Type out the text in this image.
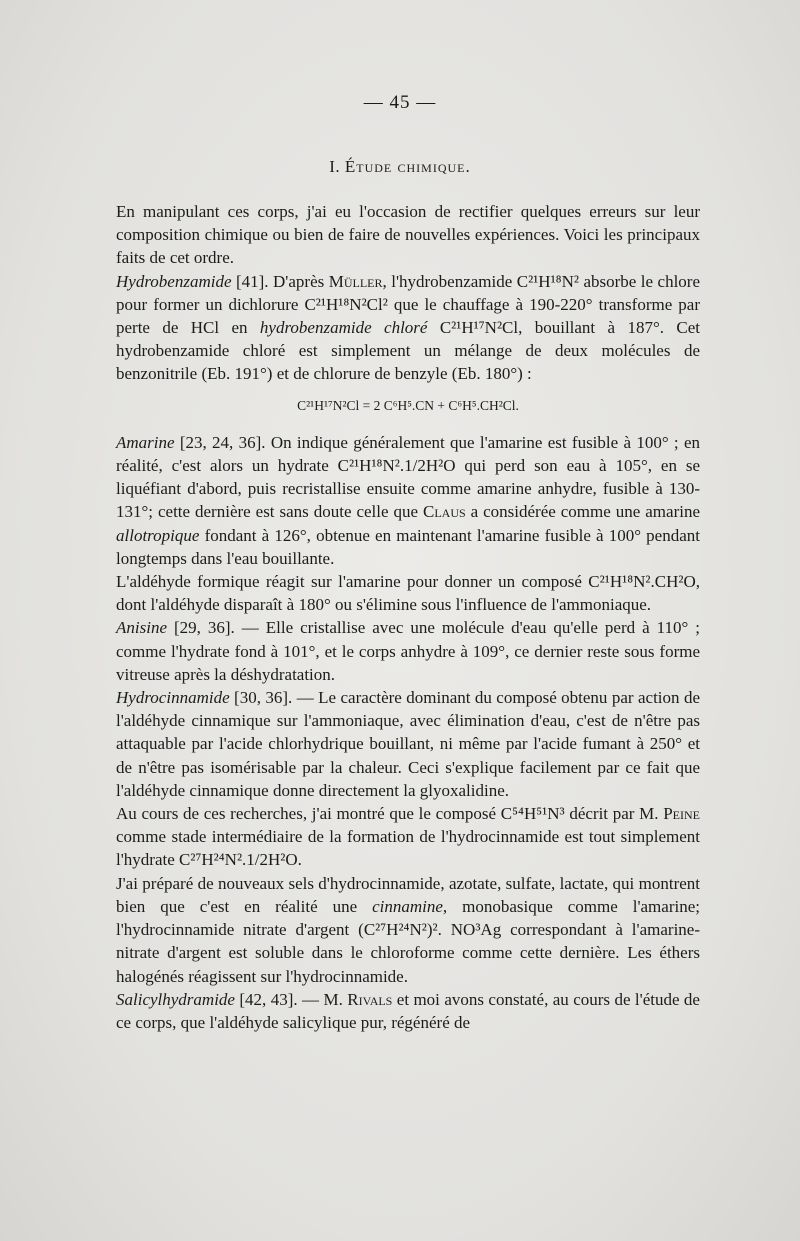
— 45 —
I. Étude chimique.

En manipulant ces corps, j'ai eu l'occasion de rectifier quelques erreurs sur leur composition chimique ou bien de faire de nouvelles expériences. Voici les principaux faits de cet ordre.

Hydrobenzamide [41]. D'après Müller, l'hydrobenzamide C²¹H¹⁸N² absorbe le chlore pour former un dichlorure C²¹H¹⁸N²Cl² que le chauffage à 190-220° transforme par perte de HCl en hydrobenzamide chloré C²¹H¹⁷N²Cl, bouillant à 187°. Cet hydrobenzamide chloré est simplement un mélange de deux molécules de benzonitrile (Eb. 191°) et de chlorure de benzyle (Eb. 180°) :

C²¹H¹⁷N²Cl = 2 C⁶H⁵.CN + C⁶H⁵.CH²Cl.

Amarine [23, 24, 36]. On indique généralement que l'amarine est fusible à 100° ; en réalité, c'est alors un hydrate C²¹H¹⁸N².1/2H²O qui perd son eau à 105°, en se liquéfiant d'abord, puis recristallise ensuite comme amarine anhydre, fusible à 130-131°; cette dernière est sans doute celle que Claus a considérée comme une amarine allotropique fondant à 126°, obtenue en maintenant l'amarine fusible à 100° pendant longtemps dans l'eau bouillante.

L'aldéhyde formique réagit sur l'amarine pour donner un composé C²¹H¹⁸N².CH²O, dont l'aldéhyde disparaît à 180° ou s'élimine sous l'influence de l'ammoniaque.

Anisine [29, 36]. — Elle cristallise avec une molécule d'eau qu'elle perd à 110° ; comme l'hydrate fond à 101°, et le corps anhydre à 109°, ce dernier reste sous forme vitreuse après la déshydratation.

Hydrocinnamide [30, 36]. — Le caractère dominant du composé obtenu par action de l'aldéhyde cinnamique sur l'ammoniaque, avec élimination d'eau, c'est de n'être pas attaquable par l'acide chlorhydrique bouillant, ni même par l'acide fumant à 250° et de n'être pas isomérisable par la chaleur. Ceci s'explique facilement par ce fait que l'aldéhyde cinnamique donne directement la glyoxalidine.

Au cours de ces recherches, j'ai montré que le composé C⁵⁴H⁵¹N³ décrit par M. Peine comme stade intermédiaire de la formation de l'hydrocinnamide est tout simplement l'hydrate C²⁷H²⁴N².1/2H²O.

J'ai préparé de nouveaux sels d'hydrocinnamide, azotate, sulfate, lactate, qui montrent bien que c'est en réalité une cinnamine, monobasique comme l'amarine; l'hydrocinnamide nitrate d'argent (C²⁷H²⁴N²)². NO³Ag correspondant à l'amarine-nitrate d'argent est soluble dans le chloroforme comme cette dernière. Les éthers halogénés réagissent sur l'hydrocinnamide.

Salicylhydramide [42, 43]. — M. Rivals et moi avons constaté, au cours de l'étude de ce corps, que l'aldéhyde salicylique pur, régénéré de
